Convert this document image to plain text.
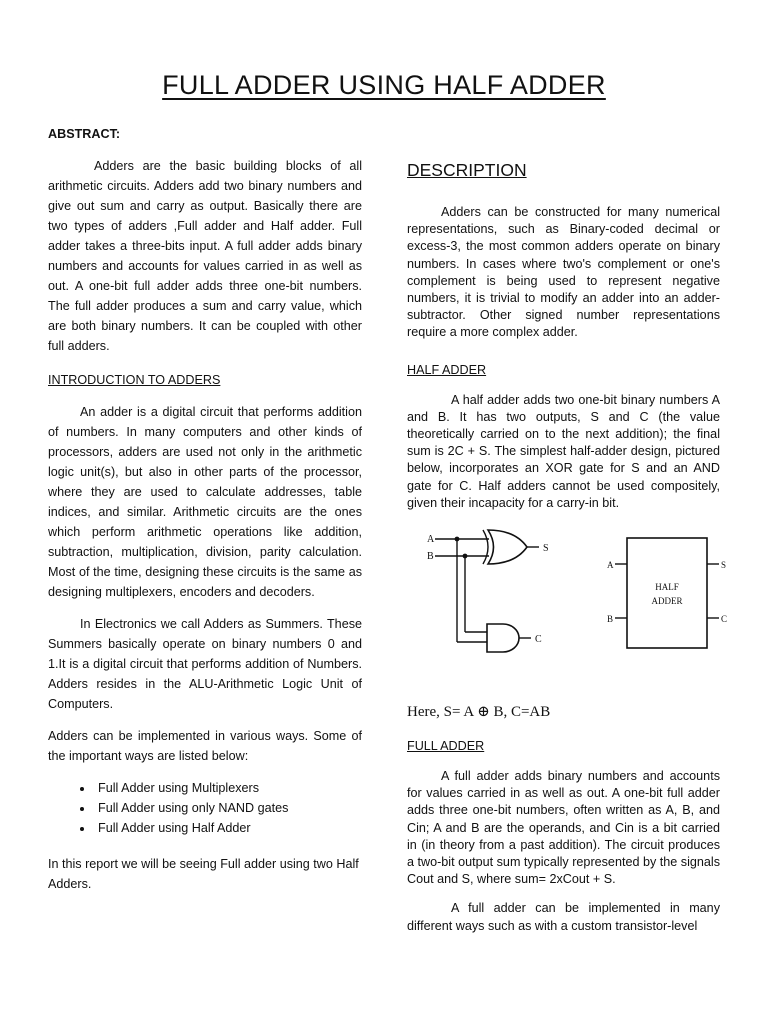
FULL ADDER USING HALF ADDER
ABSTRACT:

Adders are the basic building blocks of all arithmetic circuits. Adders add two binary numbers and give out sum and carry as output. Basically there are two types of adders ,Full adder and Half adder. Full adder takes a three-bits input. A full adder adds binary numbers and accounts for values carried in as well as out. A one-bit full adder adds three one-bit numbers. The full adder produces a sum and carry value, which are both binary numbers. It can be coupled with other full adders.

INTRODUCTION TO ADDERS

An adder is a digital circuit that performs addition of numbers. In many computers and other kinds of processors, adders are used not only in the arithmetic logic unit(s), but also in other parts of the processor, where they are used to calculate addresses, table indices, and similar. Arithmetic circuits are the ones which perform arithmetic operations like addition, subtraction, multiplication, division, parity calculation. Most of the time, designing these circuits is the same as designing multiplexers, encoders and decoders.

In Electronics we call Adders as Summers. These Summers basically operate on binary numbers 0 and 1.It is a digital circuit that performs addition of Numbers. Adders resides in the ALU-Arithmetic Logic Unit of Computers.

Adders can be implemented in various ways. Some of the important ways are listed below:

• Full Adder using Multiplexers
• Full Adder using only NAND gates
• Full Adder using Half Adder

In this report we will be seeing Full adder using two Half Adders.

DESCRIPTION

Adders can be constructed for many numerical representations, such as Binary-coded decimal or excess-3, the most common adders operate on binary numbers. In cases where two's complement or one's complement is being used to represent negative numbers, it is trivial to modify an adder into an adder-subtractor. Other signed number representations require a more complex adder.

HALF ADDER

A half adder adds two one-bit binary numbers A and B. It has two outputs, S and C (the value theoretically carried on to the next addition); the final sum is 2C + S. The simplest half-adder design, pictured below, incorporates an XOR gate for S and an AND gate for C. Half adders cannot be used compositely, given their incapacity for a carry-in bit.

A
B
S
C
A
B
S
C
HALF
ADDER
Here, S= A ⊕ B, C=AB
FULL ADDER

A full adder adds binary numbers and accounts for values carried in as well as out. A one-bit full adder adds three one-bit numbers, often written as A, B, and Cin; A and B are the operands, and Cin is a bit carried in (in theory from a past addition). The circuit produces a two-bit output sum typically represented by the signals Cout and S, where sum= 2xCout + S.

A full adder can be implemented in many different ways such as with a custom transistor-level
